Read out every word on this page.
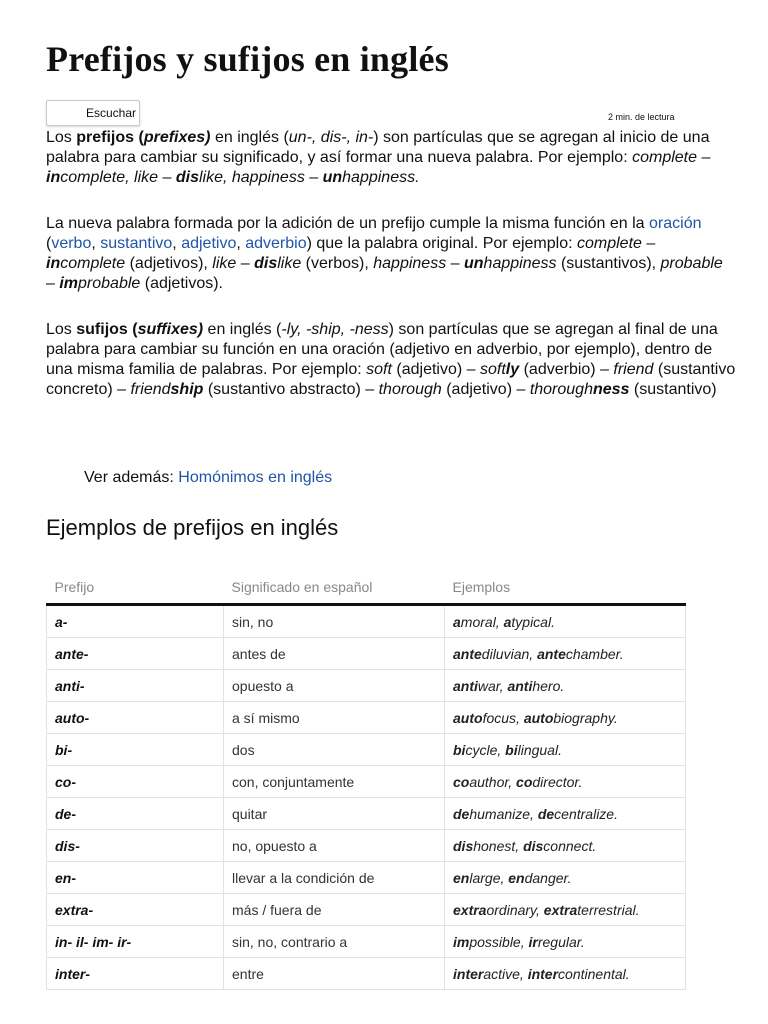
Prefijos y sufijos en inglés
Escuchar	2 min. de lectura

Los prefijos (prefixes) en inglés (un-, dis-, in-) son partículas que se agregan al inicio de una palabra para cambiar su significado, y así formar una nueva palabra. Por ejemplo: complete – incomplete, like – dislike, happiness – unhappiness.

La nueva palabra formada por la adición de un prefijo cumple la misma función en la oración (verbo, sustantivo, adjetivo, adverbio) que la palabra original. Por ejemplo: complete – incomplete (adjetivos), like – dislike (verbos), happiness – unhappiness (sustantivos), probable – improbable (adjetivos).

Los sufijos (suffixes) en inglés (-ly, -ship, -ness) son partículas que se agregan al final de una palabra para cambiar su función en una oración (adjetivo en adverbio, por ejemplo), dentro de una misma familia de palabras. Por ejemplo: soft (adjetivo) – softly (adverbio) – friend (sustantivo concreto) – friendship (sustantivo abstracto) – thorough (adjetivo) – thoroughness (sustantivo)

Ver además: Homónimos en inglés
Ejemplos de prefijos en inglés
Prefijo	Significado en español	Ejemplos
a-	sin, no	amoral, atypical.
ante-	antes de	antediluvian, antechamber.
anti-	opuesto a	antiwar, antihero.
auto-	a sí mismo	autofocus, autobiography.
bi-	dos	bicycle, bilingual.
co-	con, conjuntamente	coauthor, codirector.
de-	quitar	dehumanize, decentralize.
dis-	no, opuesto a	dishonest, disconnect.
en-	llevar a la condición de	enlarge, endanger.
extra-	más / fuera de	extraordinary, extraterrestrial.
in- il- im- ir-	sin, no, contrario a	impossible, irregular.
inter-	entre	interactive, intercontinental.
